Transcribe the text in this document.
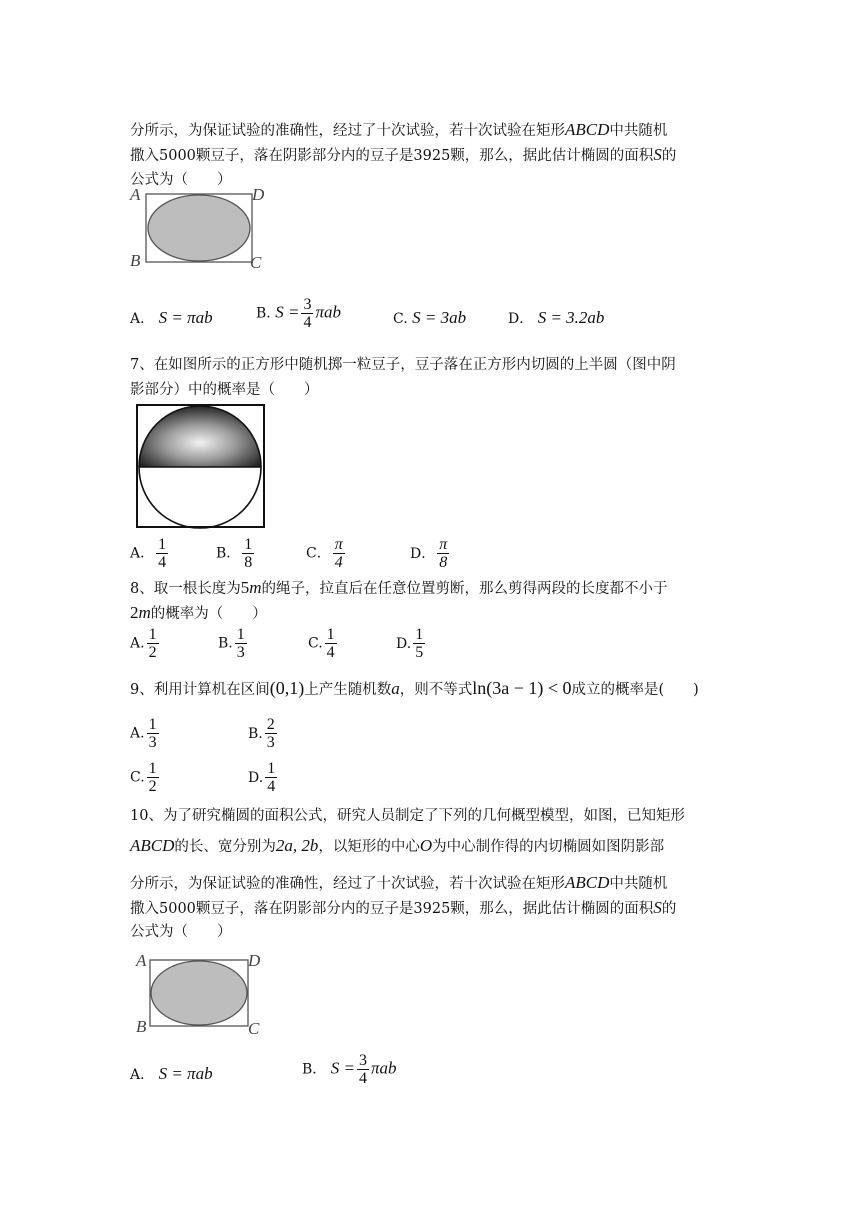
分所示，为保证试验的准确性，经过了十次试验，若十次试验在矩形ABCD中共随机
撒入5000颗豆子，落在阴影部分内的豆子是3925颗，那么，据此估计椭圆的面积S的
公式为（　　）
A	D
B	C
A． S = πab	B. $S = \frac{3}{4}$ πab	C. S = 3ab	D． S = 3.2ab
7、在如图所示的正方形中随机掷一粒豆子，豆子落在正方形内切圆的上半圆（图中阴
影部分）中的概率是（　　）
A． $\frac{1}{4}$	B． $\frac{1}{8}$	C． $\frac{\pi}{4}$	D． $\frac{\pi}{8}$
8、取一根长度为5m的绳子，拉直后在任意位置剪断，那么剪得两段的长度都不小于
2m的概率为（　　）
A. $\frac{1}{2}$	B. $\frac{1}{3}$	C. $\frac{1}{4}$	D. $\frac{1}{5}$
9、利用计算机在区间(0,1)上产生随机数a，则不等式ln(3a − 1) < 0成立的概率是(　　)
A. $\frac{1}{3}$	B. $\frac{2}{3}$
C. $\frac{1}{2}$	D. $\frac{1}{4}$
10、为了研究椭圆的面积公式，研究人员制定了下列的几何概型模型，如图，已知矩形
ABCD的长、宽分别为2a, 2b，以矩形的中心O为中心制作得的内切椭圆如图阴影部
分所示，为保证试验的准确性，经过了十次试验，若十次试验在矩形ABCD中共随机
撒入5000颗豆子，落在阴影部分内的豆子是3925颗，那么，据此估计椭圆的面积S的
公式为（　　）
A	D
B	C
A． S = πab	B． $S = \frac{3}{4}$ πab
